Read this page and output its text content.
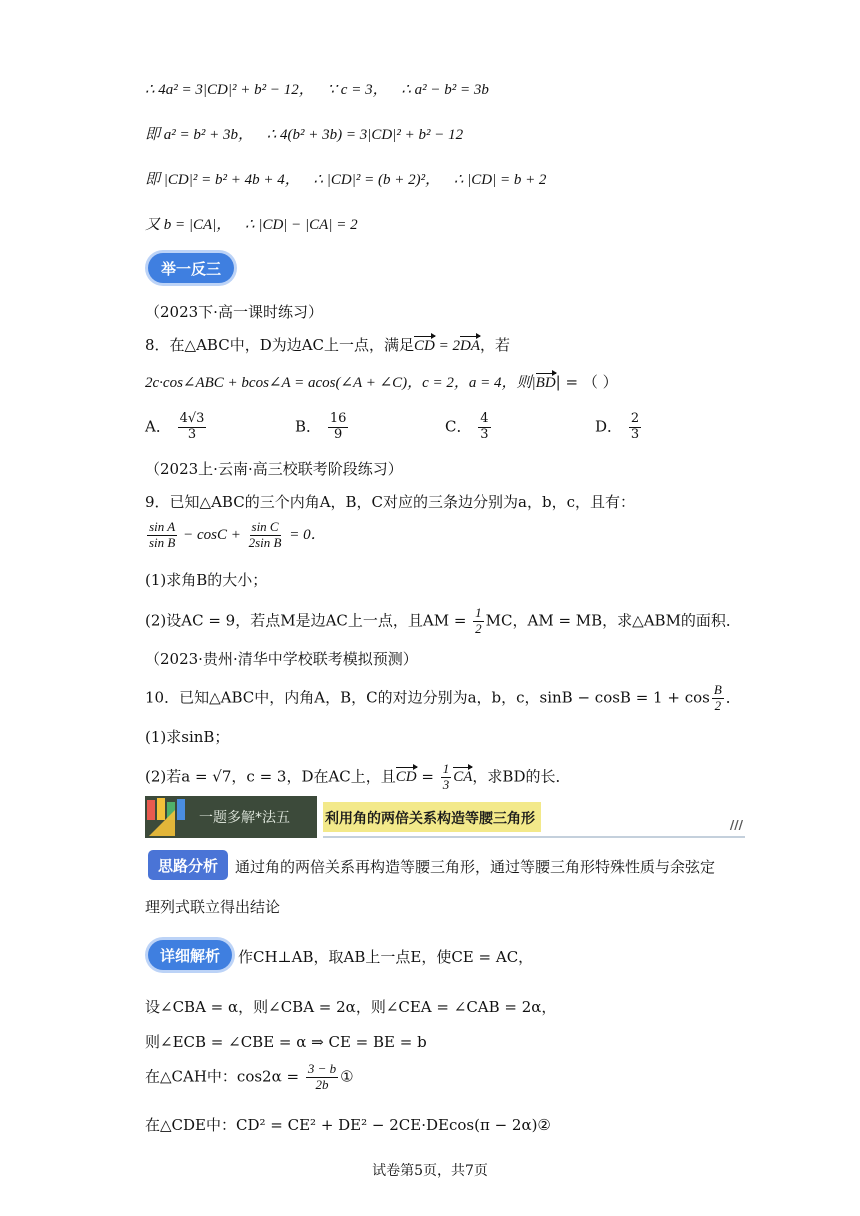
∴ 4a² = 3|CD|² + b² − 12， ∵ c = 3， ∴ a² − b² = 3b
即 a² = b² + 3b， ∴ 4(b² + 3b) = 3|CD|² + b² − 12
即 |CD|² = b² + 4b + 4， ∴ |CD|² = (b + 2)²， ∴ |CD| = b + 2
又 b = |CA|， ∴ |CD| − |CA| = 2
举一反三
（2023下·高一课时练习）
8．在△ABC中，D为边AC上一点，满足CD = 2DA，若
2c·cos∠ABC + bcos∠A = acos(∠A + ∠C)，c = 2，a = 4，则|BD| = （ ）
A． $\frac{4√3}{3}$	B． $\frac{16}{9}$	C． $\frac{4}{3}$	D． $\frac{2}{3}$
（2023上·云南·高三校联考阶段练习）
9．已知△ABC的三个内角A，B，C对应的三条边分别为a，b，c，且有：
$\frac{\text{sin A}}{\text{sin B}} - \cos C + \frac{\text{sin C}}{\text{2sin B}} = 0$．
(1)求角B的大小；
(2)设AC = 9，若点M是边AC上一点，且AM = $\frac{1}{2}$ MC，AM = MB，求△ABM的面积．
（2023·贵州·清华中学校联考模拟预测）
10．已知△ABC中，内角A，B，C的对边分别为a，b，c，$\sin B - \cos B = 1 + \cos \frac{B}{2}$ ．
(1)求sinB；
(2)若a = √7，c = 3，D在AC上，且CD = $\frac{1}{3}$ CA，求BD的长．
一题多解*法五	利用角的两倍关系构造等腰三角形	///
思路分析 通过角的两倍关系再构造等腰三角形，通过等腰三角形特殊性质与余弦定
理列式联立得出结论
详细解析 作CH⊥AB，取AB上一点E，使CE = AC，
设∠CBA = α，则∠CBA = 2α，则∠CEA = ∠CAB = 2α，
则∠ECB = ∠CBE = α ⇒ CE = BE = b
在△CAH中：$\cos 2\alpha = \frac{3 - b}{2b}$ ①
在△CDE中：CD² = CE² + DE² − 2CE·DEcos(π − 2α)②
试卷第5页，共7页
